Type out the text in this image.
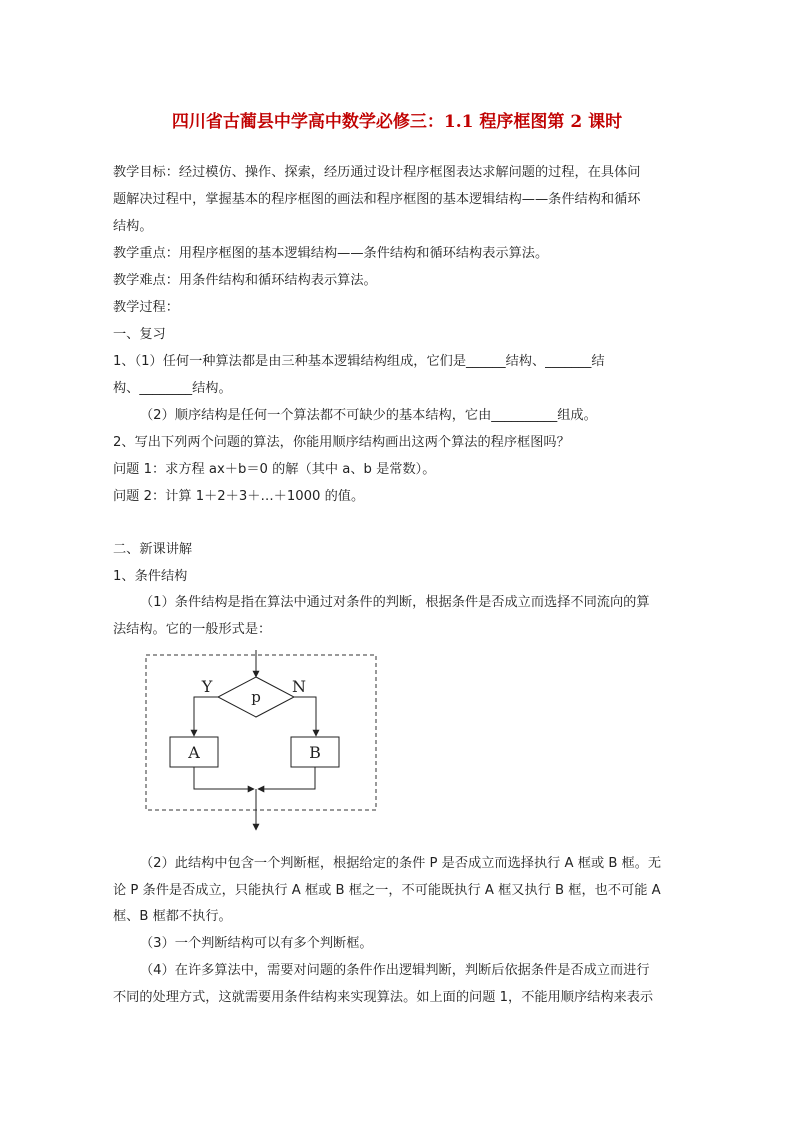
四川省古蔺县中学高中数学必修三：1.1 程序框图第 2 课时
教学目标：经过模仿、操作、探索，经历通过设计程序框图表达求解问题的过程，在具体问
题解决过程中，掌握基本的程序框图的画法和程序框图的基本逻辑结构——条件结构和循环
结构。
教学重点：用程序框图的基本逻辑结构——条件结构和循环结构表示算法。
教学难点：用条件结构和循环结构表示算法。
教学过程：
一、复习
1、（1）任何一种算法都是由三种基本逻辑结构组成，它们是______结构、_______结
构、________结构。
（2）顺序结构是任何一个算法都不可缺少的基本结构，它由__________组成。
2、写出下列两个问题的算法，你能用顺序结构画出这两个算法的程序框图吗？
问题 1：求方程 ax＋b＝0 的解（其中 a、b 是常数）。
问题 2：计算 1＋2＋3＋…＋1000 的值。
二、新课讲解
1、条件结构
（1）条件结构是指在算法中通过对条件的判断，根据条件是否成立而选择不同流向的算
法结构。它的一般形式是：
p
Y	N
A	B
（2）此结构中包含一个判断框，根据给定的条件 P 是否成立而选择执行 A 框或 B 框。无
论 P 条件是否成立，只能执行 A 框或 B 框之一，不可能既执行 A 框又执行 B 框，也不可能 A
框、B 框都不执行。
（3）一个判断结构可以有多个判断框。
（4）在许多算法中，需要对问题的条件作出逻辑判断，判断后依据条件是否成立而进行
不同的处理方式，这就需要用条件结构来实现算法。如上面的问题 1，不能用顺序结构来表示
